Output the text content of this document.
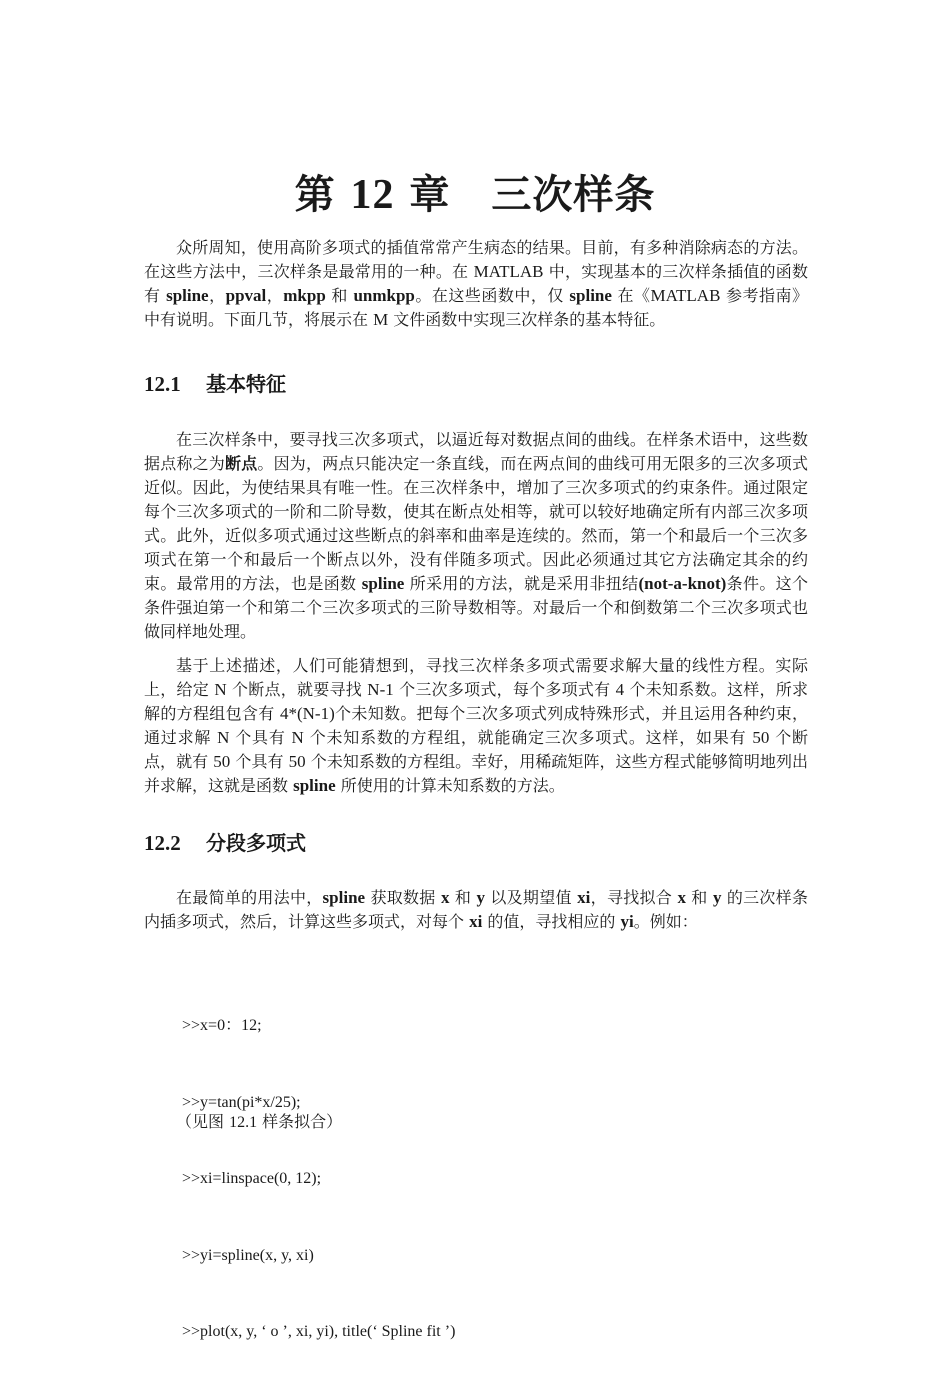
第 12 章　三次样条

众所周知，使用高阶多项式的插值常常产生病态的结果。目前，有多种消除病态的方法。在这些方法中，三次样条是最常用的一种。在 MATLAB 中，实现基本的三次样条插值的函数有 spline，ppval，mkpp 和 unmkpp。在这些函数中，仅 spline 在《MATLAB 参考指南》中有说明。下面几节，将展示在 M 文件函数中实现三次样条的基本特征。

12.1 基本特征

在三次样条中，要寻找三次多项式，以逼近每对数据点间的曲线。在样条术语中，这些数据点称之为断点。因为，两点只能决定一条直线，而在两点间的曲线可用无限多的三次多项式近似。因此，为使结果具有唯一性。在三次样条中，增加了三次多项式的约束条件。通过限定每个三次多项式的一阶和二阶导数，使其在断点处相等，就可以较好地确定所有内部三次多项式。此外，近似多项式通过这些断点的斜率和曲率是连续的。然而，第一个和最后一个三次多项式在第一个和最后一个断点以外，没有伴随多项式。因此必须通过其它方法确定其余的约束。最常用的方法，也是函数 spline 所采用的方法，就是采用非扭结(not-a-knot)条件。这个条件强迫第一个和第二个三次多项式的三阶导数相等。对最后一个和倒数第二个三次多项式也做同样地处理。

基于上述描述，人们可能猜想到，寻找三次样条多项式需要求解大量的线性方程。实际上，给定 N 个断点，就要寻找 N-1 个三次多项式，每个多项式有 4 个未知系数。这样，所求解的方程组包含有 4*(N-1)个未知数。把每个三次多项式列成特殊形式，并且运用各种约束，通过求解 N 个具有 N 个未知系数的方程组，就能确定三次多项式。这样，如果有 50 个断点，就有 50 个具有 50 个未知系数的方程组。幸好，用稀疏矩阵，这些方程式能够简明地列出并求解，这就是函数 spline 所使用的计算未知系数的方法。

12.2 分段多项式

在最简单的用法中，spline 获取数据 x 和 y 以及期望值 xi，寻找拟合 x 和 y 的三次样条内插多项式，然后，计算这些多项式，对每个 xi 的值，寻找相应的 yi。例如：

>>x=0：12;

>>y=tan(pi*x/25);

>>xi=linspace(0, 12);

>>yi=spline(x, y, xi)

>>plot(x, y, ‘ o ’, xi, yi), title(‘ Spline fit ’)

（见图 12.1 样条拟合）
